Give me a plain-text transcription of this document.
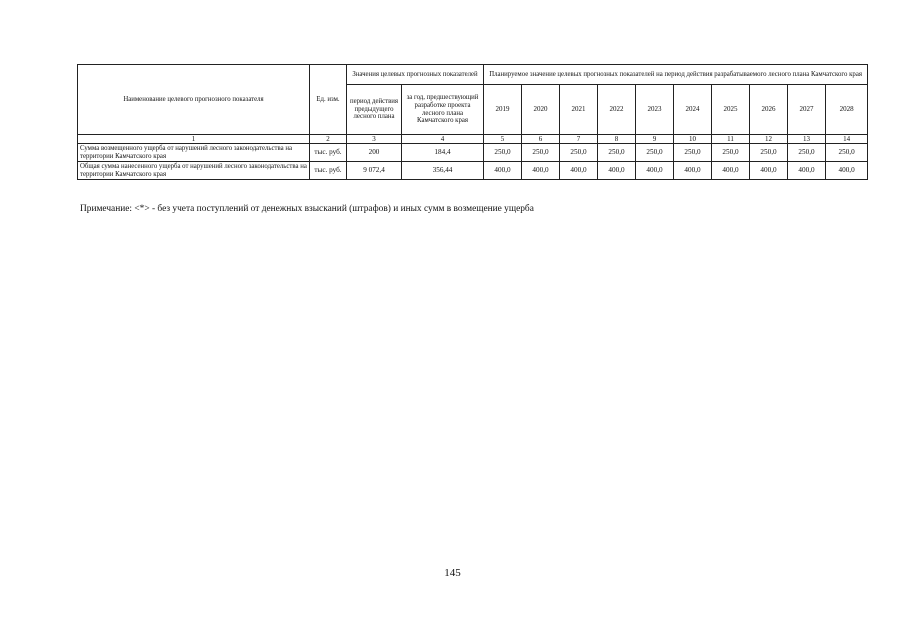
Наименование целевого прогнозного показателя	Ед. изм.	Значения целевых прогнозных показателей		Планируемое значение целевых прогнозных показателей на период действия разрабатываемого лесного плана Камчатского края									
		период действия предыдущего лесного плана	за год, предшествующий разработке проекта лесного плана Камчатского края	2019	2020	2021	2022	2023	2024	2025	2026	2027	2028
1	2	3	4	5	6	7	8	9	10	11	12	13	14
Сумма возмещенного ущерба от нарушений лесного законодательства на территории Камчатского края	тыс. руб.	200	184,4	250,0	250,0	250,0	250,0	250,0	250,0	250,0	250,0	250,0	250,0
Общая сумма нанесенного ущерба от нарушений лесного законодательства на территории Камчатского края	тыс. руб.	9 072,4	356,44	400,0	400,0	400,0	400,0	400,0	400,0	400,0	400,0	400,0	400,0
Примечание: <*> - без учета поступлений от денежных взысканий (штрафов) и иных сумм в возмещение ущерба
145
